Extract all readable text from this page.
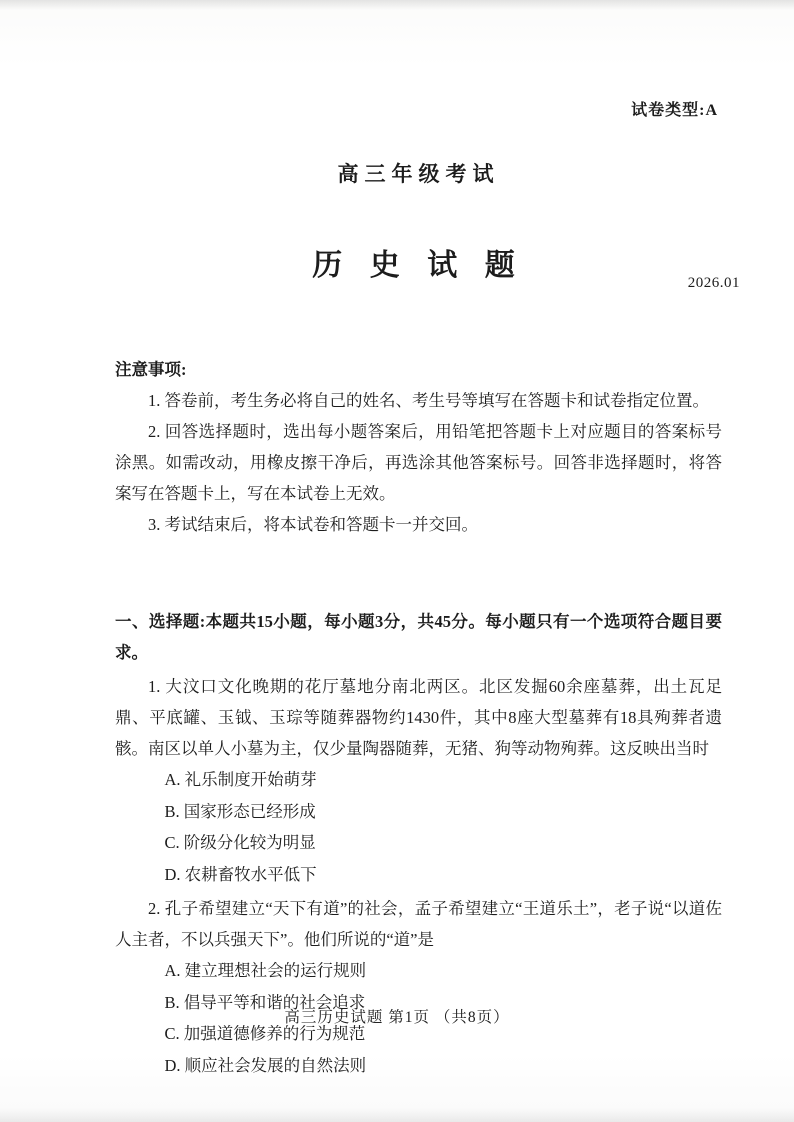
试卷类型:A
高三年级考试
历 史 试 题
2026.01
注意事项:

1. 答卷前，考生务必将自己的姓名、考生号等填写在答题卡和试卷指定位置。

2. 回答选择题时，选出每小题答案后，用铅笔把答题卡上对应题目的答案标号涂黑。如需改动，用橡皮擦干净后，再选涂其他答案标号。回答非选择题时，将答案写在答题卡上，写在本试卷上无效。

3. 考试结束后，将本试卷和答题卡一并交回。

一、选择题:本题共15小题，每小题3分，共45分。每小题只有一个选项符合题目要求。

1. 大汶口文化晚期的花厅墓地分南北两区。北区发掘60余座墓葬，出土瓦足鼎、平底罐、玉钺、玉琮等随葬器物约1430件，其中8座大型墓葬有18具殉葬者遗骸。南区以单人小墓为主，仅少量陶器随葬，无猪、狗等动物殉葬。这反映出当时

A. 礼乐制度开始萌芽
B. 国家形态已经形成
C. 阶级分化较为明显
D. 农耕畜牧水平低下

2. 孔子希望建立“天下有道”的社会，孟子希望建立“王道乐土”，老子说“以道佐人主者，不以兵强天下”。他们所说的“道”是

A. 建立理想社会的运行规则
B. 倡导平等和谐的社会追求
C. 加强道德修养的行为规范
D. 顺应社会发展的自然法则
高三历史试题 第1页 （共8页）
